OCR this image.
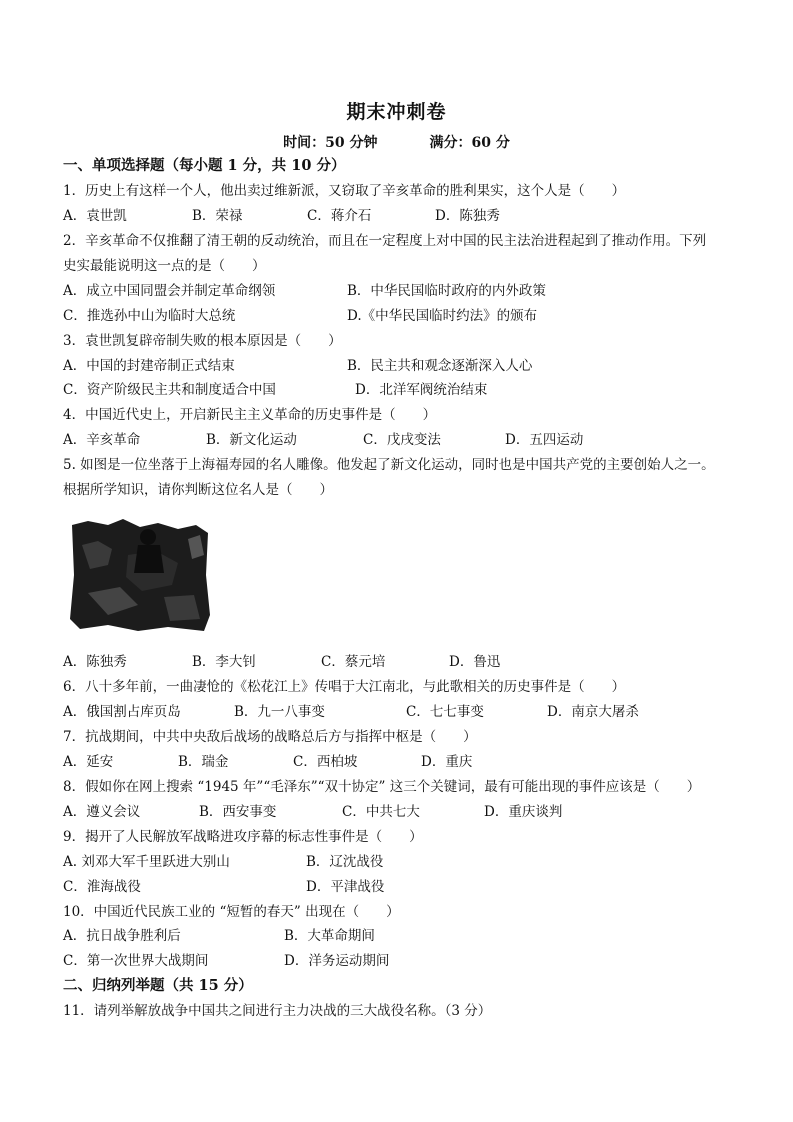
期末冲刺卷
时间：50 分钟	满分：60 分
一、单项选择题（每小题 1 分，共 10 分）
1．历史上有这样一个人，他出卖过维新派，又窃取了辛亥革命的胜利果实，这个人是（　　）
A．袁世凯	B．荣禄	C．蒋介石	D．陈独秀
2．辛亥革命不仅推翻了清王朝的反动统治，而且在一定程度上对中国的民主法治进程起到了推动作用。下列
史实最能说明这一点的是（　　）
A．成立中国同盟会并制定革命纲领	B．中华民国临时政府的内外政策
C．推选孙中山为临时大总统	D.《中华民国临时约法》的颁布
3．袁世凯复辟帝制失败的根本原因是（　　）
A．中国的封建帝制正式结束	B．民主共和观念逐渐深入人心
C．资产阶级民主共和制度适合中国	D．北洋军阀统治结束
4．中国近代史上，开启新民主主义革命的历史事件是（　　）
A．辛亥革命	B．新文化运动	C．戊戌变法	D．五四运动
5. 如图是一位坐落于上海福寿园的名人雕像。他发起了新文化运动，同时也是中国共产党的主要创始人之一。
根据所学知识，请你判断这位名人是（　　）
A．陈独秀	B．李大钊	C．蔡元培	D．鲁迅
6．八十多年前，一曲凄怆的《松花江上》传唱于大江南北，与此歌相关的历史事件是（　　）
A．俄国割占库页岛	B．九一八事变	C．七七事变	D．南京大屠杀
7．抗战期间，中共中央敌后战场的战略总后方与指挥中枢是（　　）
A．延安	B．瑞金	C．西柏坡	D．重庆
8．假如你在网上搜索 “1945 年”“毛泽东”“双十协定” 这三个关键词，最有可能出现的事件应该是（　　）
A．遵义会议	B．西安事变	C．中共七大	D．重庆谈判
9．揭开了人民解放军战略进攻序幕的标志性事件是（　　）
A. 刘邓大军千里跃进大别山	B．辽沈战役
C．淮海战役	D．平津战役
10．中国近代民族工业的 “短暂的春天” 出现在（　　）
A．抗日战争胜利后	B．大革命期间
C．第一次世界大战期间	D．洋务运动期间
二、归纳列举题（共 15 分）
11．请列举解放战争中国共之间进行主力决战的三大战役名称。（3 分）
